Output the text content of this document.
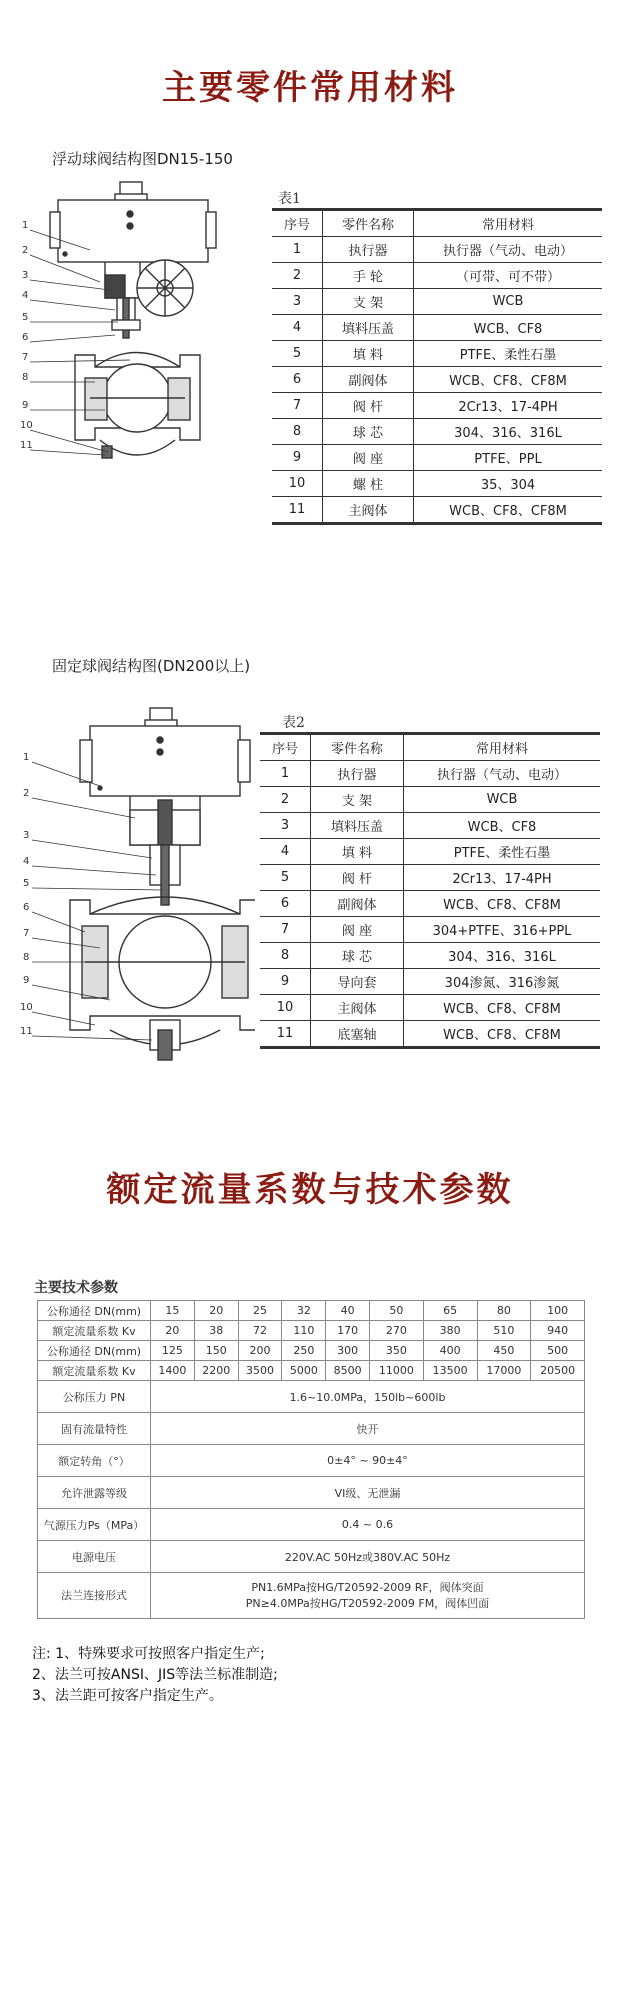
主要零件常用材料
浮动球阀结构图DN15-150
1
2
3
4
5
6
7
8
9
10
11
表1
序号	零件名称	常用材料
1	执行器	执行器（气动、电动）
2	手 轮	（可带、可不带）
3	支 架	WCB
4	填料压盖	WCB、CF8
5	填 料	PTFE、柔性石墨
6	副阀体	WCB、CF8、CF8M
7	阀 杆	2Cr13、17-4PH
8	球 芯	304、316、316L
9	阀 座	PTFE、PPL
10	螺 柱	35、304
11	主阀体	WCB、CF8、CF8M
固定球阀结构图(DN200以上)
1
2
3
4
5
6
7
8
9
10
11
表2
序号	零件名称	常用材料
1	执行器	执行器（气动、电动）
2	支 架	WCB
3	填料压盖	WCB、CF8
4	填 料	PTFE、柔性石墨
5	阀 杆	2Cr13、17-4PH
6	副阀体	WCB、CF8、CF8M
7	阀 座	304+PTFE、316+PPL
8	球 芯	304、316、316L
9	导向套	304渗氮、316渗氮
10	主阀体	WCB、CF8、CF8M
11	底塞轴	WCB、CF8、CF8M
额定流量系数与技术参数
主要技术参数
公称通径 DN(mm)	15	20	25	32	40	50	65	80	100
额定流量系数 Kv	20	38	72	110	170	270	380	510	940
公称通径 DN(mm)	125	150	200	250	300	350	400	450	500
额定流量系数 Kv	1400	2200	3500	5000	8500	11000	13500	17000	20500
公称压力 PN	1.6~10.0MPa，150lb~600lb								
固有流量特性	快开								
额定转角（°）	0±4° ~ 90±4°								
允许泄露等级	VI级、无泄漏								
气源压力Ps（MPa）	0.4 ~ 0.6								
电源电压	220V.AC 50Hz或380V.AC 50Hz								
法兰连接形式	PN1.6MPa按HG/T20592-2009 RF，阀体突面
PN≥4.0MPa按HG/T20592-2009 FM，阀体凹面								
注: 1、特殊要求可按照客户指定生产;
2、法兰可按ANSI、JIS等法兰标准制造;
3、法兰距可按客户指定生产。
